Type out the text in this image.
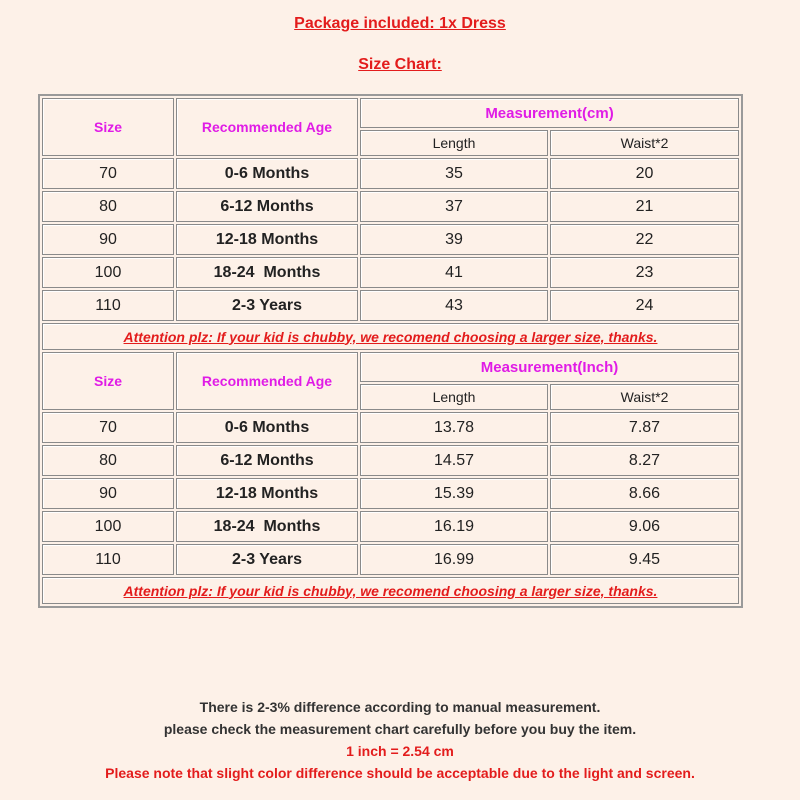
Package included: 1x Dress
Size Chart:
Size	Recommended Age	Measurement(cm)	
		Length	Waist*2
70	0-6 Months	35	20
80	6-12 Months	37	21
90	12-18 Months	39	22
100	18-24  Months	41	23
110	2-3 Years	43	24
Attention plz: If your kid is chubby, we recomend choosing a larger size, thanks.			
Size	Recommended Age	Measurement(Inch)	
		Length	Waist*2
70	0-6 Months	13.78	7.87
80	6-12 Months	14.57	8.27
90	12-18 Months	15.39	8.66
100	18-24  Months	16.19	9.06
110	2-3 Years	16.99	9.45
Attention plz: If your kid is chubby, we recomend choosing a larger size, thanks.			
There is 2-3% difference according to manual measurement.
please check the measurement chart carefully before you buy the item.
1 inch = 2.54 cm
Please note that slight color difference should be acceptable due to the light and screen.
